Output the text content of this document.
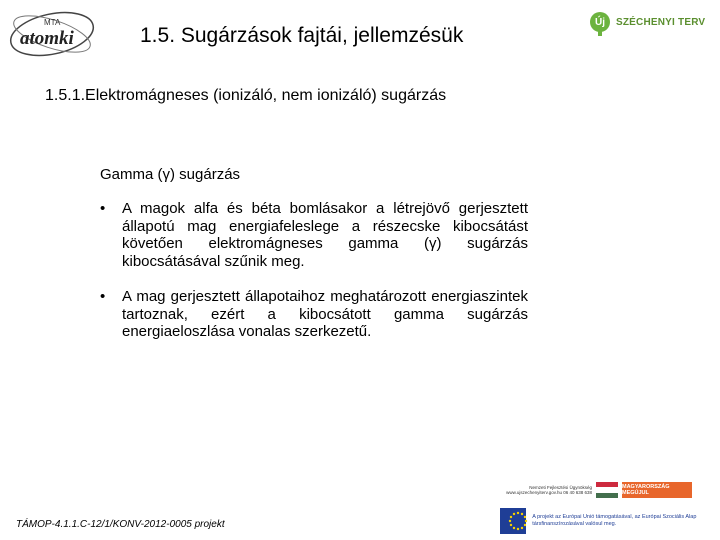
MTA
atomki	1.5. Sugárzások fajtái, jellemzésük
Új SZÉCHENYI TERV
1.5.1.Elektromágneses (ionizáló, nem ionizáló) sugárzás
Gamma (γ) sugárzás
• A magok alfa és béta bomlásakor a létrejövő gerjesztett állapotú mag energiafeleslege a részecske kibocsátást követően elektromágneses gamma (γ) sugárzás kibocsátásával szűnik meg.
• A mag gerjesztett állapotaihoz meghatározott energiaszintek tartoznak, ezért a kibocsátott gamma sugárzás energiaeloszlása vonalas szerkezetű.
TÁMOP-4.1.1.C-12/1/KONV-2012-0005 projekt
Nemzeti Fejlesztési Ügynökség www.ujszechenyiterv.gov.hu 06 40 638 638
MAGYARORSZÁG MEGÚJUL
A projekt az Európai Unió támogatásával, az Európai Szociális Alap társfinanszírozásával valósul meg.
